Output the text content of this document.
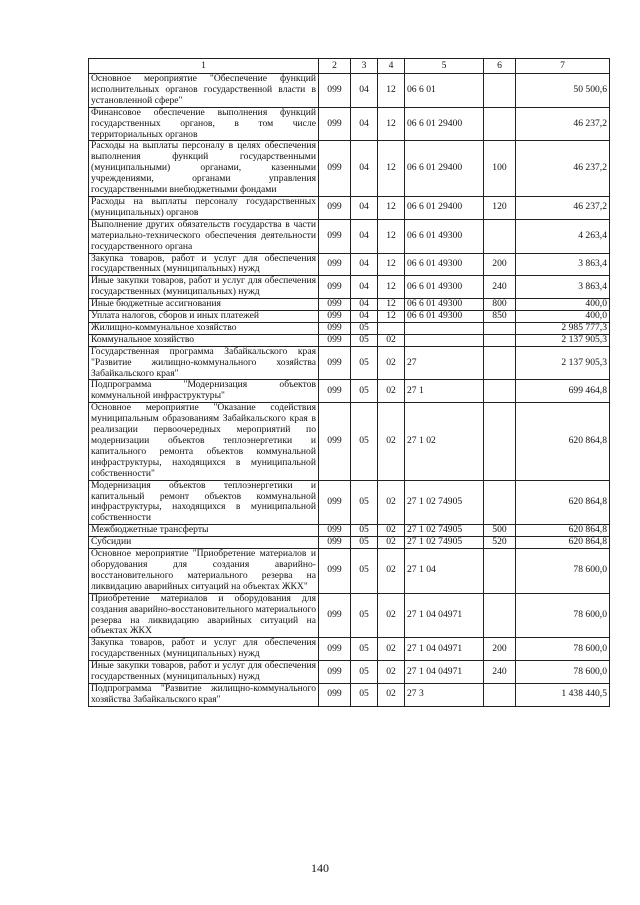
1	2	3	4	5	6	7
Основное мероприятие "Обеспечение функций исполнительных органов государственной власти в установленной сфере"	099	04	12	06 6 01		50 500,6
Финансовое обеспечение выполнения функций государственных органов, в том числе территориальных органов	099	04	12	06 6 01 29400		46 237,2
Расходы на выплаты персоналу в целях обеспечения выполнения функций государственными (муниципальными) органами, казенными учреждениями, органами управления государственными внебюджетными фондами	099	04	12	06 6 01 29400	100	46 237,2
Расходы на выплаты персоналу государственных (муниципальных) органов	099	04	12	06 6 01 29400	120	46 237,2
Выполнение других обязательств государства в части материально-технического обеспечения деятельности государственного органа	099	04	12	06 6 01 49300		4 263,4
Закупка товаров, работ и услуг для обеспечения государственных (муниципальных) нужд	099	04	12	06 6 01 49300	200	3 863,4
Иные закупки товаров, работ и услуг для обеспечения государственных (муниципальных) нужд	099	04	12	06 6 01 49300	240	3 863,4
Иные бюджетные ассигнования	099	04	12	06 6 01 49300	800	400,0
Уплата налогов, сборов и иных платежей	099	04	12	06 6 01 49300	850	400,0
Жилищно-коммунальное хозяйство	099	05				2 985 777,3
Коммунальное хозяйство	099	05	02			2 137 905,3
Государственная программа Забайкальского края "Развитие жилищно-коммунального хозяйства Забайкальского края"	099	05	02	27		2 137 905,3
Подпрограмма "Модернизация объектов коммунальной инфраструктуры"	099	05	02	27 1		699 464,8
Основное мероприятие "Оказание содействия муниципальным образованиям Забайкальского края в реализации первоочередных мероприятий по модернизации объектов теплоэнергетики и капитального ремонта объектов коммунальной инфраструктуры, находящихся в муниципальной собственности"	099	05	02	27 1 02		620 864,8
Модернизация объектов теплоэнергетики и капитальный ремонт объектов коммунальной инфраструктуры, находящихся в муниципальной собственности	099	05	02	27 1 02 74905		620 864,8
Межбюджетные трансферты	099	05	02	27 1 02 74905	500	620 864,8
Субсидии	099	05	02	27 1 02 74905	520	620 864,8
Основное мероприятие "Приобретение материалов и оборудования для создания аварийно-восстановительного материального резерва на ликвидацию аварийных ситуаций на объектах ЖКХ"	099	05	02	27 1 04		78 600,0
Приобретение материалов и оборудования для создания аварийно-восстановительного материального резерва на ликвидацию аварийных ситуаций на объектах ЖКХ	099	05	02	27 1 04 04971		78 600,0
Закупка товаров, работ и услуг для обеспечения государственных (муниципальных) нужд	099	05	02	27 1 04 04971	200	78 600,0
Иные закупки товаров, работ и услуг для обеспечения государственных (муниципальных) нужд	099	05	02	27 1 04 04971	240	78 600,0
Подпрограмма "Развитие жилищно-коммунального хозяйства Забайкальского края"	099	05	02	27 3		1 438 440,5
140
